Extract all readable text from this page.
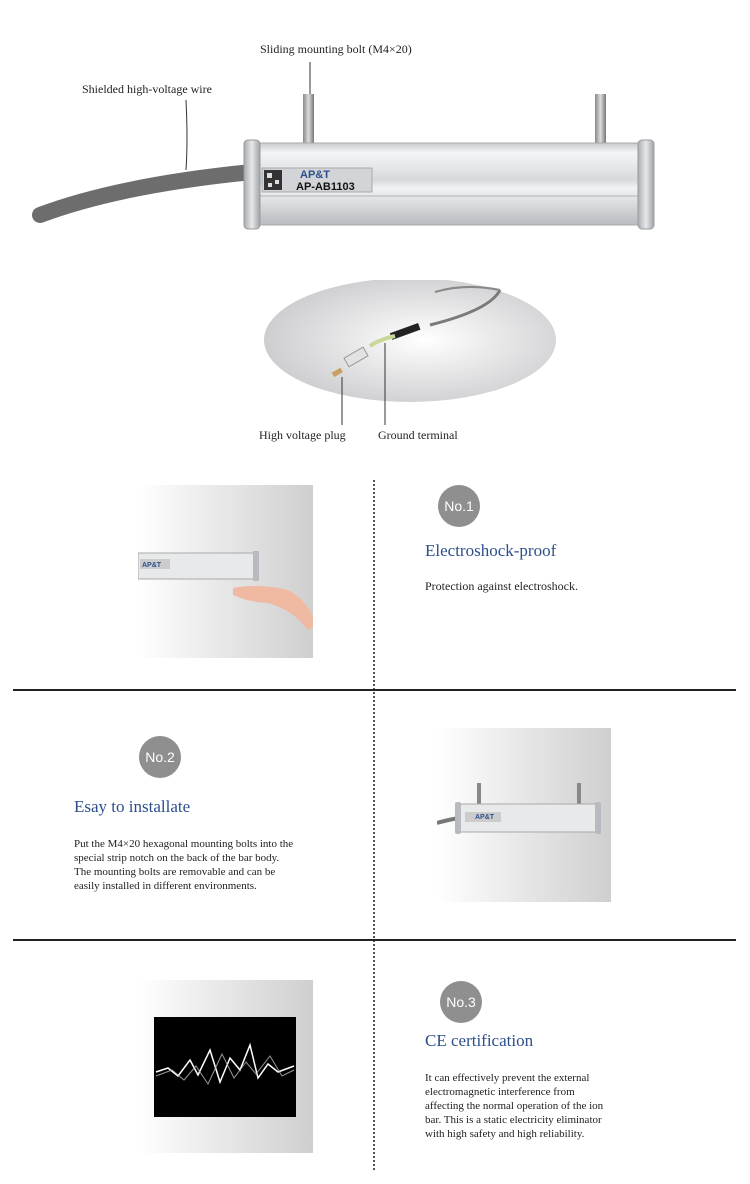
Sliding mounting bolt (M4×20)
Shielded high-voltage wire
AP&T
AP-AB1103
High voltage plug	Ground terminal
AP&T
No.1
Electroshock-proof
Protection against electroshock.
No.2
Esay to installate
Put the M4×20 hexagonal mounting bolts into the
special strip notch on the back of the bar body.
The mounting bolts are removable and can be
easily installed in different environments.
AP&T
No.3
CE certification
It can effectively prevent the external
electromagnetic interference from
affecting the normal operation of the ion
bar. This is a static electricity eliminator
with high safety and high reliability.
